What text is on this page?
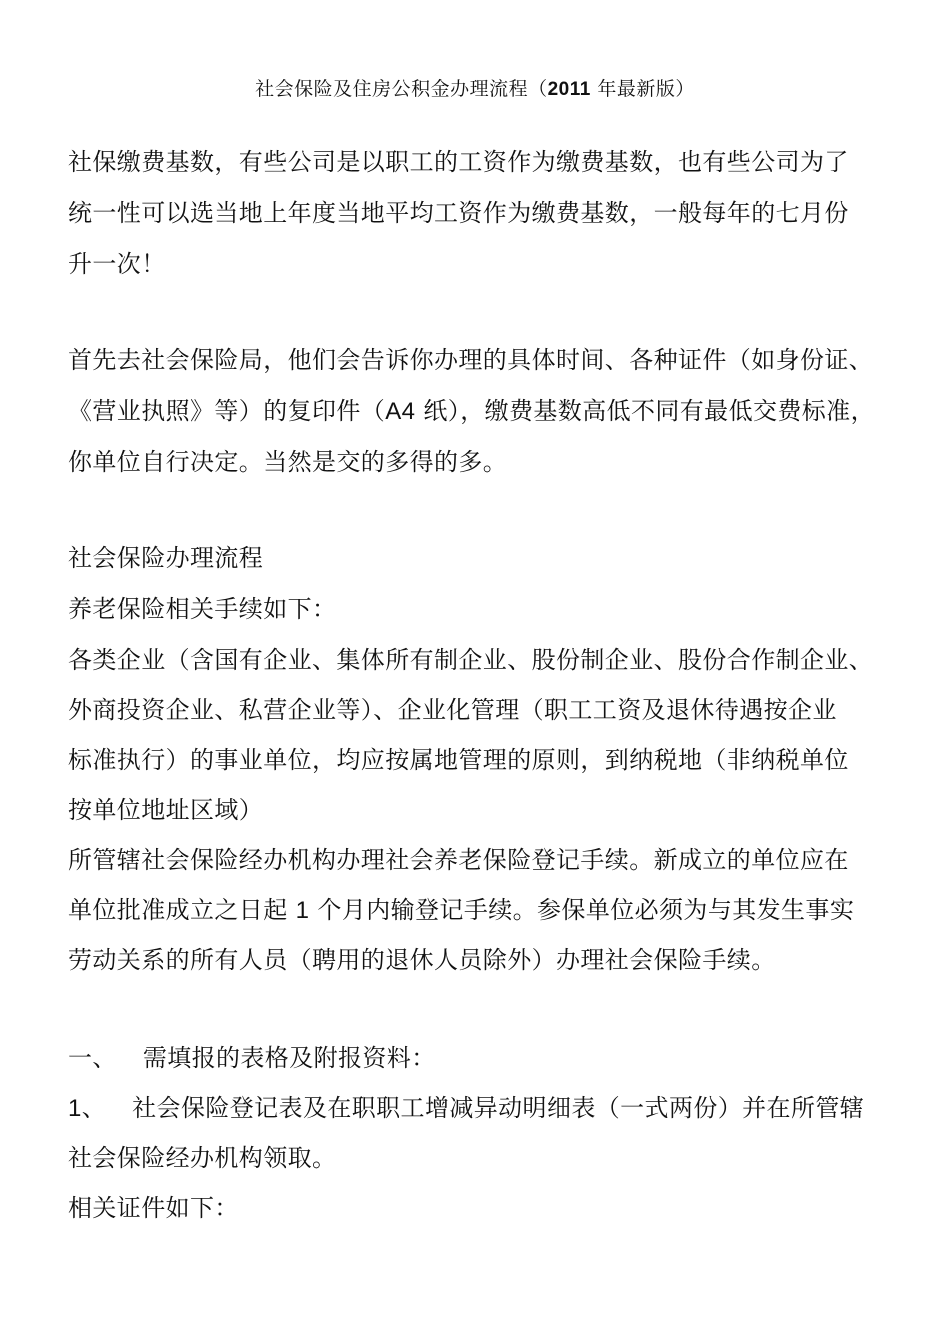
社会保险及住房公积金办理流程（2011 年最新版）
社保缴费基数，有些公司是以职工的工资作为缴费基数，也有些公司为了
统一性可以选当地上年度当地平均工资作为缴费基数，一般每年的七月份
升一次！
首先去社会保险局，他们会告诉你办理的具体时间、各种证件（如身份证、
《营业执照》等）的复印件（A4 纸），缴费基数高低不同有最低交费标准，
你单位自行决定。当然是交的多得的多。
社会保险办理流程
养老保险相关手续如下：
各类企业（含国有企业、集体所有制企业、股份制企业、股份合作制企业、
外商投资企业、私营企业等）、企业化管理（职工工资及退休待遇按企业
标准执行）的事业单位，均应按属地管理的原则，到纳税地（非纳税单位
按单位地址区域）
所管辖社会保险经办机构办理社会养老保险登记手续。新成立的单位应在
单位批准成立之日起 1 个月内输登记手续。参保单位必须为与其发生事实
劳动关系的所有人员（聘用的退休人员除外）办理社会保险手续。
一、 需填报的表格及附报资料：
1、 社会保险登记表及在职职工增减异动明细表（一式两份）并在所管辖
社会保险经办机构领取。
相关证件如下：
